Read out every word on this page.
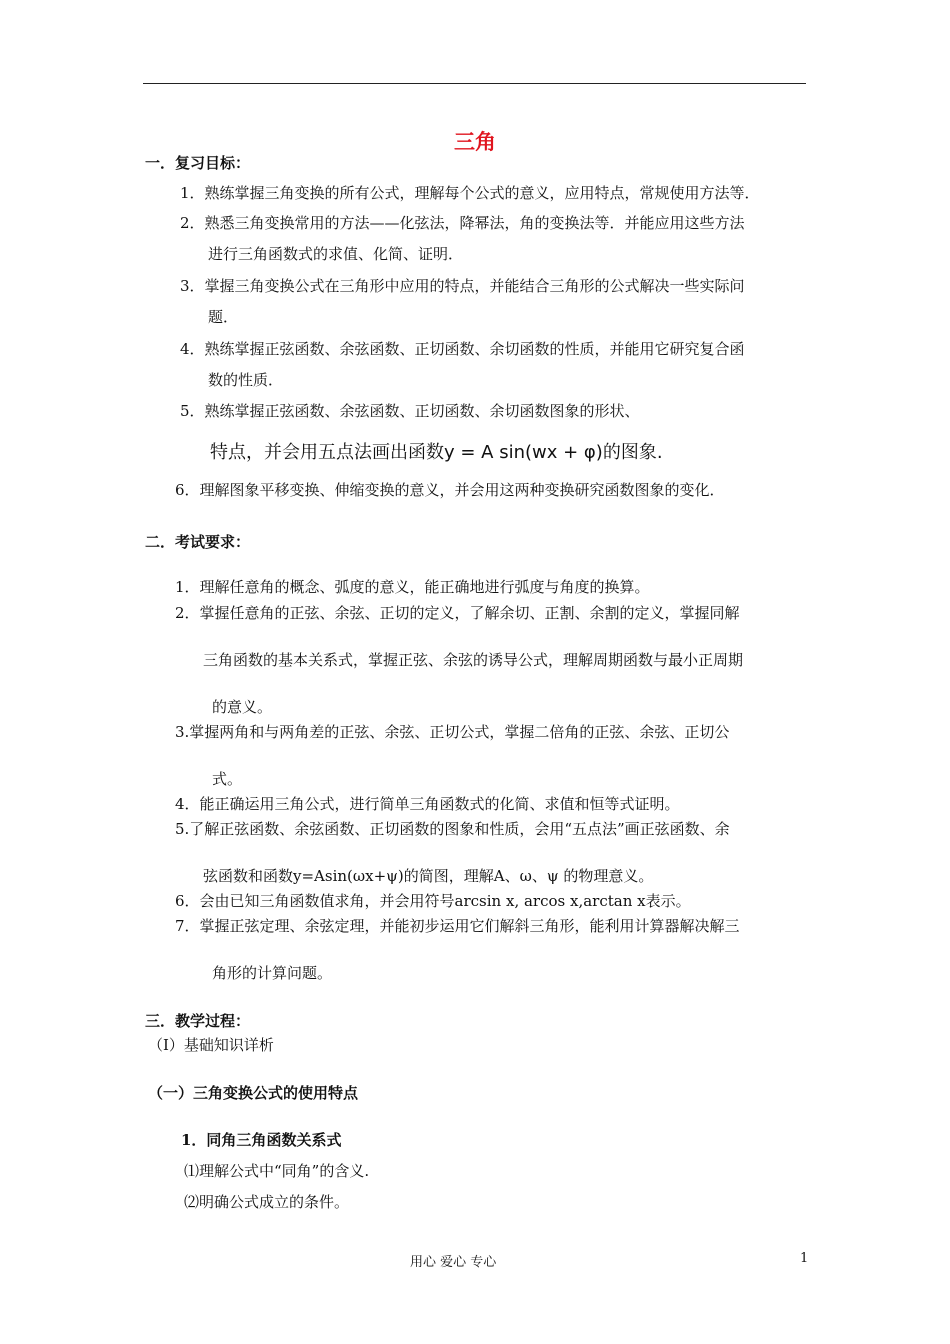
三角
一．复习目标：
1．熟练掌握三角变换的所有公式，理解每个公式的意义，应用特点，常规使用方法等．
2．熟悉三角变换常用的方法——化弦法，降幂法，角的变换法等．并能应用这些方法
进行三角函数式的求值、化简、证明．
3．掌握三角变换公式在三角形中应用的特点，并能结合三角形的公式解决一些实际问
题．
4．熟练掌握正弦函数、余弦函数、正切函数、余切函数的性质，并能用它研究复合函
数的性质．
5．熟练掌握正弦函数、余弦函数、正切函数、余切函数图象的形状、
特点，并会用五点法画出函数y = A sin(wx + φ)的图象.
6．理解图象平移变换、伸缩变换的意义，并会用这两种变换研究函数图象的变化．
二．考试要求：
1．理解任意角的概念、弧度的意义，能正确地进行弧度与角度的换算。
2．掌握任意角的正弦、余弦、正切的定义，了解余切、正割、余割的定义，掌握同解
三角函数的基本关系式，掌握正弦、余弦的诱导公式，理解周期函数与最小正周期
的意义。
3.掌握两角和与两角差的正弦、余弦、正切公式，掌握二倍角的正弦、余弦、正切公
式。
4．能正确运用三角公式，进行简单三角函数式的化简、求值和恒等式证明。
5.了解正弦函数、余弦函数、正切函数的图象和性质，会用“五点法”画正弦函数、余
弦函数和函数y=Asin(ωx+ψ)的简图，理解A、ω、ψ 的物理意义。
6．会由已知三角函数值求角，并会用符号arcsin x, arcos x,arctan x表示。
7．掌握正弦定理、余弦定理，并能初步运用它们解斜三角形，能利用计算器解决解三
角形的计算问题。
三．教学过程：
（Ⅰ）基础知识详析
（一）三角变换公式的使用特点
1．同角三角函数关系式
⑴理解公式中“同角”的含义.
⑵明确公式成立的条件。
用心 爱心 专心	1
